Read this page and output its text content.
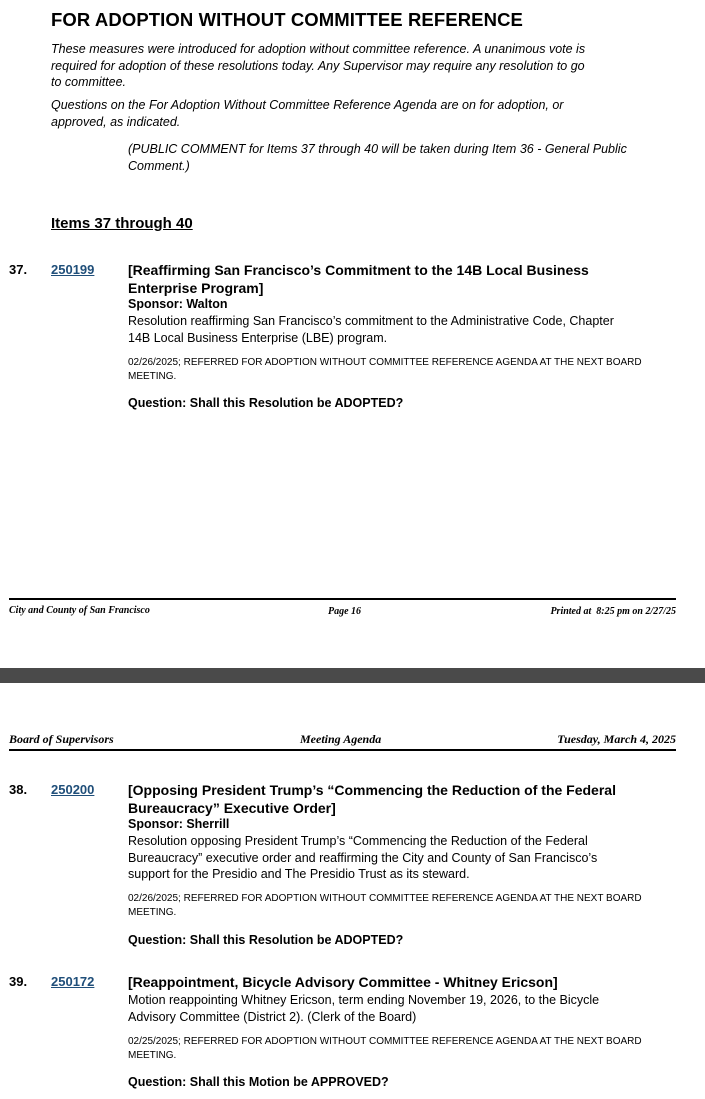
FOR ADOPTION WITHOUT COMMITTEE REFERENCE
These measures were introduced for adoption without committee reference. A unanimous vote is
required for adoption of these resolutions today. Any Supervisor may require any resolution to go
to committee.
Questions on the For Adoption Without Committee Reference Agenda are on for adoption, or
approved, as indicated.
(PUBLIC COMMENT for Items 37 through 40 will be taken during Item 36 - General Public
Comment.)
Items 37 through 40
37. 250199 [Reaffirming San Francisco’s Commitment to the 14B Local Business
Enterprise Program]
Sponsor: Walton
Resolution reaffirming San Francisco’s commitment to the Administrative Code, Chapter
14B Local Business Enterprise (LBE) program.
02/26/2025; REFERRED FOR ADOPTION WITHOUT COMMITTEE REFERENCE AGENDA AT THE NEXT BOARD
MEETING.
Question: Shall this Resolution be ADOPTED?
City and County of San Francisco	Page 16	Printed at  8:25 pm on 2/27/25
Board of Supervisors	Meeting Agenda	Tuesday, March 4, 2025
38. 250200 [Opposing President Trump’s “Commencing the Reduction of the Federal
Bureaucracy” Executive Order]
Sponsor: Sherrill
Resolution opposing President Trump’s “Commencing the Reduction of the Federal
Bureaucracy” executive order and reaffirming the City and County of San Francisco’s
support for the Presidio and The Presidio Trust as its steward.
02/26/2025; REFERRED FOR ADOPTION WITHOUT COMMITTEE REFERENCE AGENDA AT THE NEXT BOARD
MEETING.
Question: Shall this Resolution be ADOPTED?
39. 250172 [Reappointment, Bicycle Advisory Committee - Whitney Ericson]
Motion reappointing Whitney Ericson, term ending November 19, 2026, to the Bicycle
Advisory Committee (District 2). (Clerk of the Board)
02/25/2025; REFERRED FOR ADOPTION WITHOUT COMMITTEE REFERENCE AGENDA AT THE NEXT BOARD
MEETING.
Question: Shall this Motion be APPROVED?
